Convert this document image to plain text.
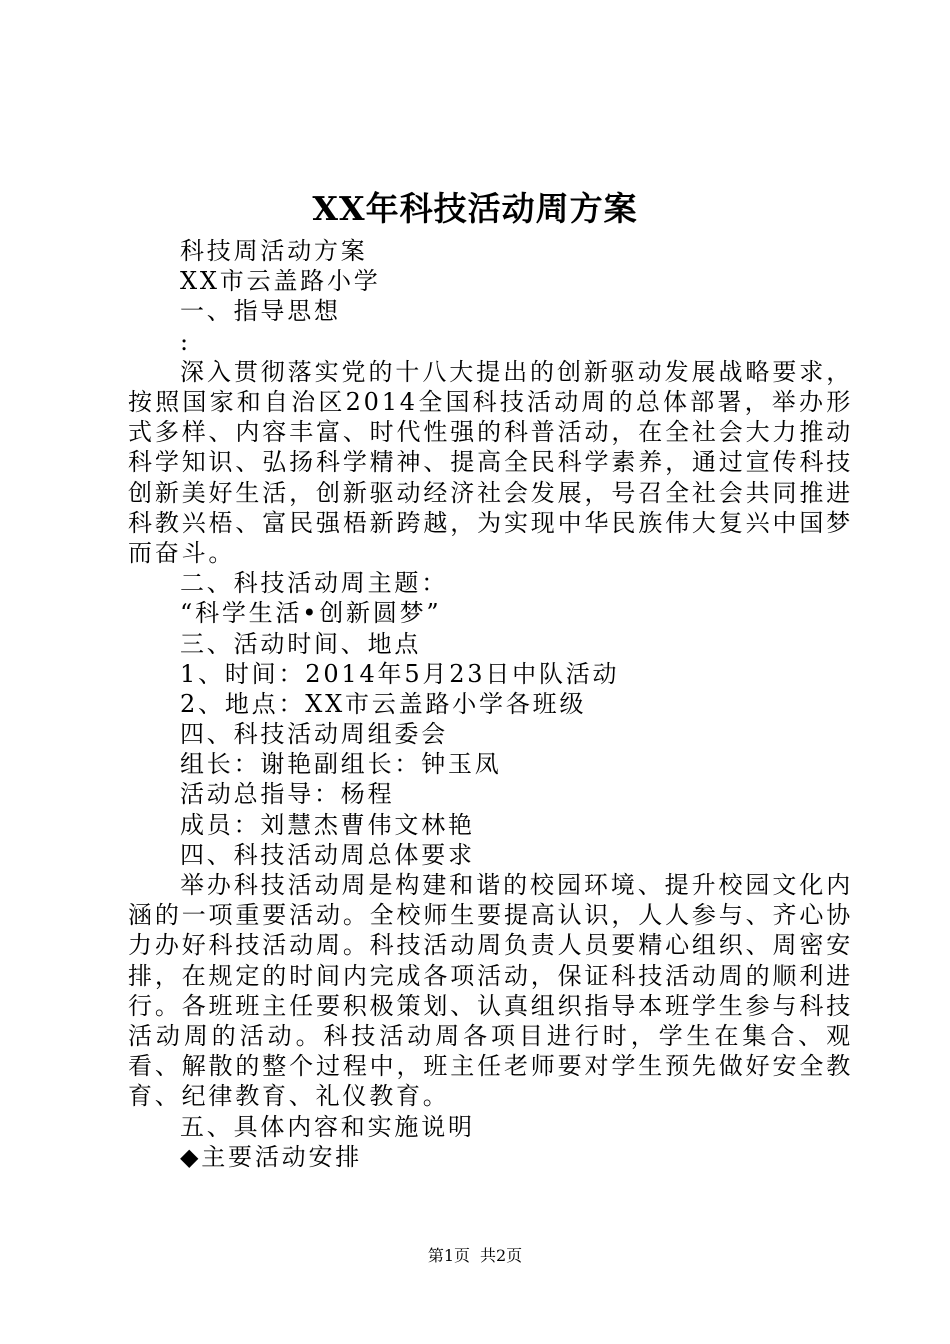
XX年科技活动周方案
科技周活动方案
XX市云盖路小学
一、指导思想
:
深入贯彻落实党的十八大提出的创新驱动发展战略要求，按照国家和自治区2014全国科技活动周的总体部署，举办形式多样、内容丰富、时代性强的科普活动，在全社会大力推动科学知识、弘扬科学精神、提高全民科学素养，通过宣传科技创新美好生活，创新驱动经济社会发展，号召全社会共同推进科教兴梧、富民强梧新跨越，为实现中华民族伟大复兴中国梦而奋斗。
二、科技活动周主题：
“科学生活•创新圆梦”
三、活动时间、地点
1、时间：2014年5月23日中队活动
2、地点：XX市云盖路小学各班级
四、科技活动周组委会
组长：谢艳副组长：钟玉凤
活动总指导：杨程
成员：刘慧杰曹伟文林艳
四、科技活动周总体要求
举办科技活动周是构建和谐的校园环境、提升校园文化内涵的一项重要活动。全校师生要提高认识，人人参与、齐心协力办好科技活动周。科技活动周负责人员要精心组织、周密安排，在规定的时间内完成各项活动，保证科技活动周的顺利进行。各班班主任要积极策划、认真组织指导本班学生参与科技活动周的活动。科技活动周各项目进行时，学生在集合、观看、解散的整个过程中，班主任老师要对学生预先做好安全教育、纪律教育、礼仪教育。
五、具体内容和实施说明
◆主要活动安排
第1页 共2页
